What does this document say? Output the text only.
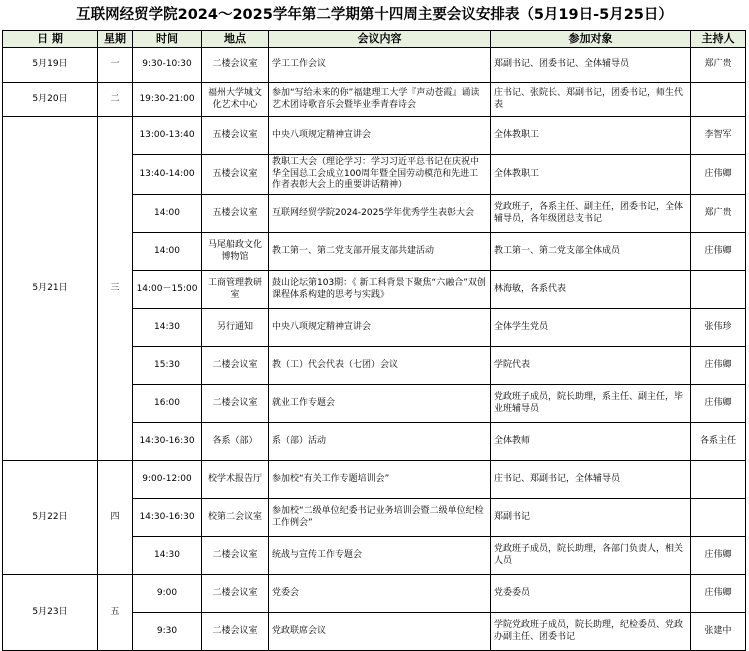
互联网经贸学院2024～2025学年第二学期第十四周主要会议安排表（5月19日-5月25日）
日 期	星期	时间	地点	会议内容	参加对象	主持人
5月19日	一	9:30-10:30	二楼会议室	学工工作会议	郑副书记、团委书记、全体辅导员	郑广贵
5月20日	二	19:30-21:00	福州大学城文化艺术中心	参加“写给未来的你”福建理工大学『声动苍霞』诵读艺术团诗歌音乐会暨毕业季青春诗会	庄书记、张院长、郑副书记，团委书记，师生代表	
5月21日	三	13:00-13:40	五楼会议室	中央八项规定精神宣讲会	全体教职工	李智军
		13:40-14:00	五楼会议室	教职工大会（理论学习：学习习近平总书记在庆祝中华全国总工会成立100周年暨全国劳动模范和先进工作者表彰大会上的重要讲话精神）	全体教职工	庄伟卿
		14:00	五楼会议室	互联网经贸学院2024-2025学年优秀学生表彰大会	党政班子，各系主任、副主任，团委书记，全体辅导员，各年级团总支书记	郑广贵
		14:00	马尾船政文化博物馆	教工第一、第二党支部开展支部共建活动	教工第一、第二党支部全体成员	庄伟卿
		14:00－15:00	工商管理教研室	鼓山论坛第103期：《 新工科背景下聚焦“六融合”双创课程体系构建的思考与实践》	林海敏，各系代表	
		14:30	另行通知	中央八项规定精神宣讲会	全体学生党员	张伟珍
		15:30	二楼会议室	教（工）代会代表（七团）会议	学院代表	庄伟卿
		16:00	二楼会议室	就业工作专题会	党政班子成员，院长助理，系主任、副主任，毕业班辅导员	庄伟卿
		14:30-16:30	各系（部）	系（部）活动	全体教师	各系主任
5月22日	四	9:00-12:00	校学术报告厅	参加校“有关工作专题培训会”	庄书记、郑副书记，全体辅导员	
		14:30-16:30	校第二会议室	参加校“二级单位纪委书记业务培训会暨二级单位纪检工作例会”	郑副书记	
		14:30	二楼会议室	统战与宣传工作专题会	党政班子成员，院长助理，各部门负责人，相关人员	庄伟卿
5月23日	五	9:00	二楼会议室	党委会	党委委员	庄伟卿
		9:30	二楼会议室	党政联席会议	学院党政班子成员，院长助理，纪检委员、党政办副主任、团委书记	张建中
